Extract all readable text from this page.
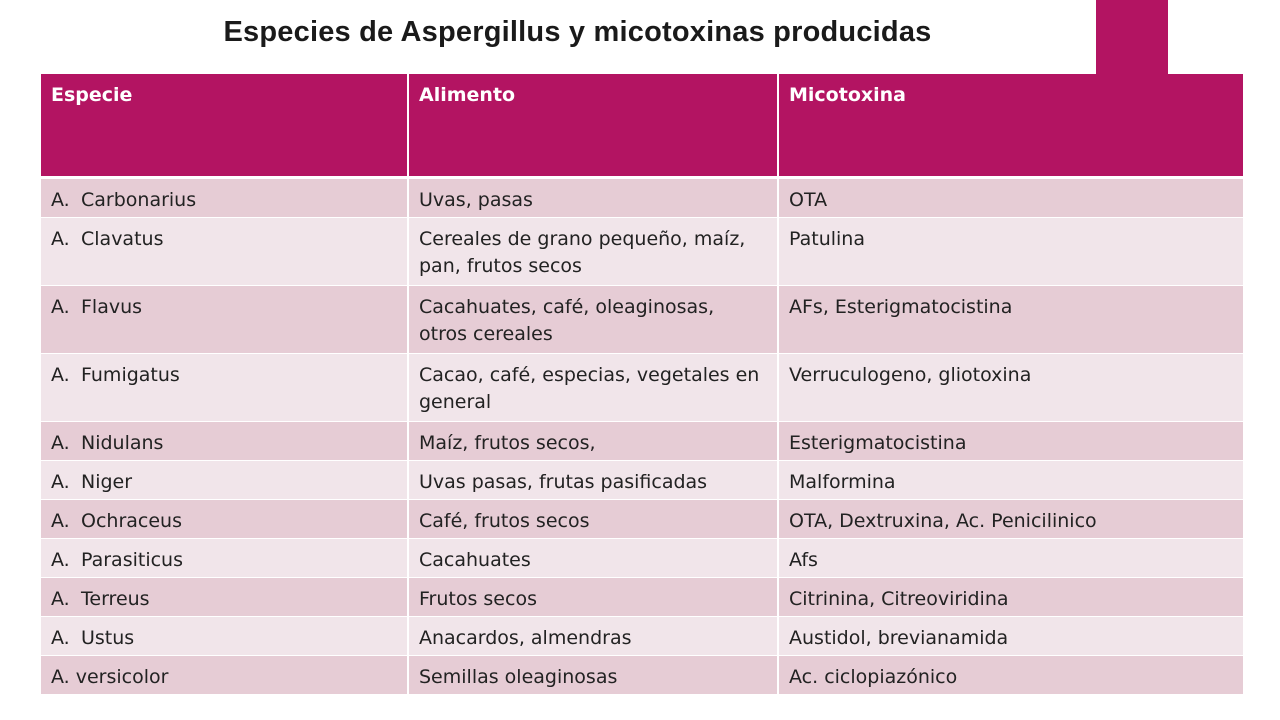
Especies de Aspergillus y micotoxinas producidas
Especie	Alimento	Micotoxina
A. Carbonarius	Uvas, pasas	OTA
A. Clavatus	Cereales de grano pequeño, maíz, pan, frutos secos	Patulina
A. Flavus	Cacahuates, café, oleaginosas, otros cereales	AFs, Esterigmatocistina
A. Fumigatus	Cacao, café, especias, vegetales en general	Verruculogeno, gliotoxina
A. Nidulans	Maíz, frutos secos,	Esterigmatocistina
A. Niger	Uvas pasas, frutas pasificadas	Malformina
A. Ochraceus	Café, frutos secos	OTA, Dextruxina, Ac. Penicilinico
A. Parasiticus	Cacahuates	Afs
A. Terreus	Frutos secos	Citrinina, Citreoviridina
A. Ustus	Anacardos, almendras	Austidol, brevianamida
A. versicolor	Semillas oleaginosas	Ac. ciclopiazónico
